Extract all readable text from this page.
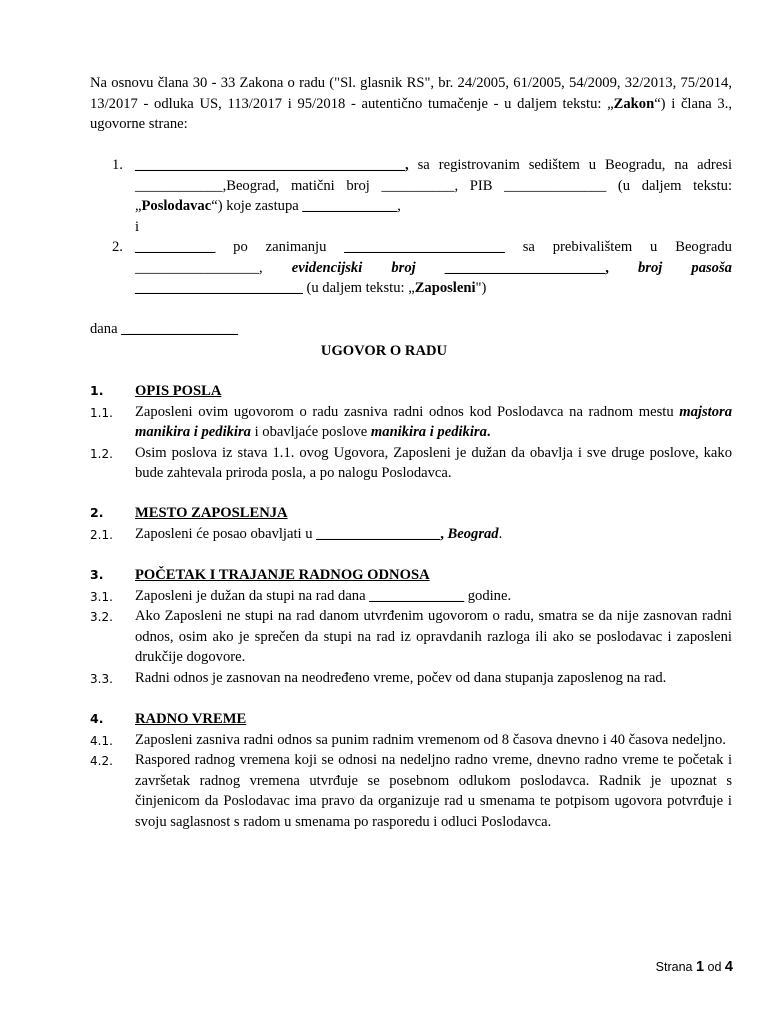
Na osnovu člana 30 - 33 Zakona o radu ("Sl. glasnik RS", br. 24/2005, 61/2005, 54/2009, 32/2013, 75/2014, 13/2017 - odluka US, 113/2017 i 95/2018 - autentično tumačenje - u daljem tekstu: „Zakon“) i člana 3., ugovorne strane:
1. _____________________________________, sa registrovanim sedištem u Beogradu, na adresi
____________,Beograd, matični broj __________, PIB ______________ (u daljem tekstu:
„Poslodavac“) koje zastupa _____________,
i
2. ___________ po zanimanju ______________________ sa prebivalištem u Beogradu
_________________, evidencijski broj ______________________, broj pasoša
_______________________ (u daljem tekstu: „Zaposleni")
dana ________________
UGOVOR O RADU
1. OPIS POSLA
1.1. Zaposleni ovim ugovorom o radu zasniva radni odnos kod Poslodavca na radnom mestu majstora manikira i pedikira i obavljaće poslove manikira i pedikira.
1.2. Osim poslova iz stava 1.1. ovog Ugovora, Zaposleni je dužan da obavlja i sve druge poslove, kako bude zahtevala priroda posla, a po nalogu Poslodavca.
2. MESTO ZAPOSLENJA
2.1. Zaposleni će posao obavljati u _________________, Beograd.
3. POČETAK I TRAJANJE RADNOG ODNOSA
3.1. Zaposleni je dužan da stupi na rad dana _____________ godine.
3.2. Ako Zaposleni ne stupi na rad danom utvrđenim ugovorom o radu, smatra se da nije zasnovan radni odnos, osim ako je sprečen da stupi na rad iz opravdanih razloga ili ako se poslodavac i zaposleni drukčije dogovore.
3.3. Radni odnos je zasnovan na neodređeno vreme, počev od dana stupanja zaposlenog na rad.
4. RADNO VREME
4.1. Zaposleni zasniva radni odnos sa punim radnim vremenom od 8 časova dnevno i 40 časova nedeljno.
4.2. Raspored radnog vremena koji se odnosi na nedeljno radno vreme, dnevno radno vreme te početak i završetak radnog vremena utvrđuje se posebnom odlukom poslodavca. Radnik je upoznat s činjenicom da Poslodavac ima pravo da organizuje rad u smenama te potpisom ugovora potvrđuje i svoju saglasnost s radom u smenama po rasporedu i odluci Poslodavca.
Strana 1 od 4
